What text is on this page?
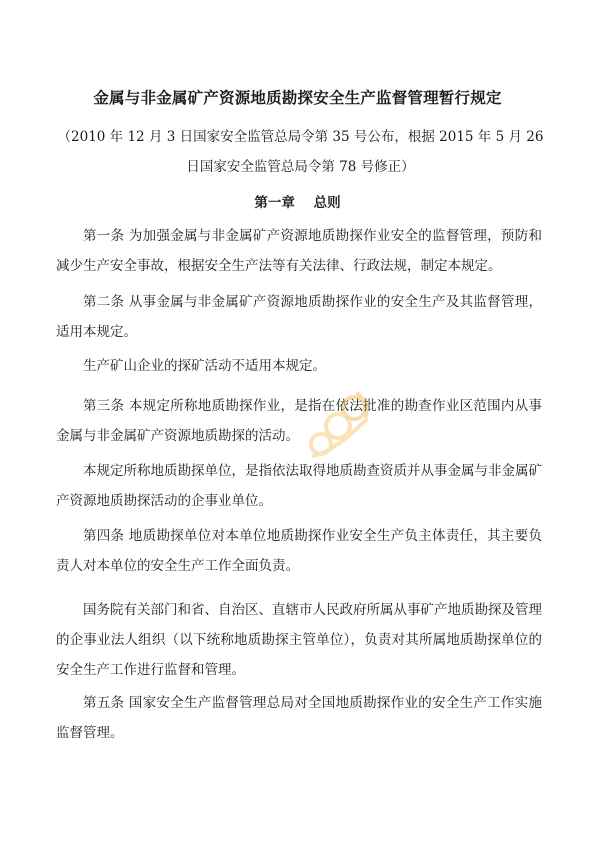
金属与非金属矿产资源地质勘探安全生产监督管理暂行规定

（2010 年 12 月 3 日国家安全监管总局令第 35 号公布，根据 2015 年 5 月 26 日国家安全监管总局令第 78 号修正）

第一章    总则

第一条 为加强金属与非金属矿产资源地质勘探作业安全的监督管理，预防和减少生产安全事故，根据安全生产法等有关法律、行政法规，制定本规定。

第二条 从事金属与非金属矿产资源地质勘探作业的安全生产及其监督管理，适用本规定。

生产矿山企业的探矿活动不适用本规定。

第三条 本规定所称地质勘探作业，是指在依法批准的勘查作业区范围内从事金属与非金属矿产资源地质勘探的活动。

本规定所称地质勘探单位，是指依法取得地质勘查资质并从事金属与非金属矿产资源地质勘探活动的企事业单位。

第四条 地质勘探单位对本单位地质勘探作业安全生产负主体责任，其主要负责人对本单位的安全生产工作全面负责。

国务院有关部门和省、自治区、直辖市人民政府所属从事矿产地质勘探及管理的企事业法人组织（以下统称地质勘探主管单位），负责对其所属地质勘探单位的安全生产工作进行监督和管理。

第五条 国家安全生产监督管理总局对全国地质勘探作业的安全生产工作实施监督管理。
